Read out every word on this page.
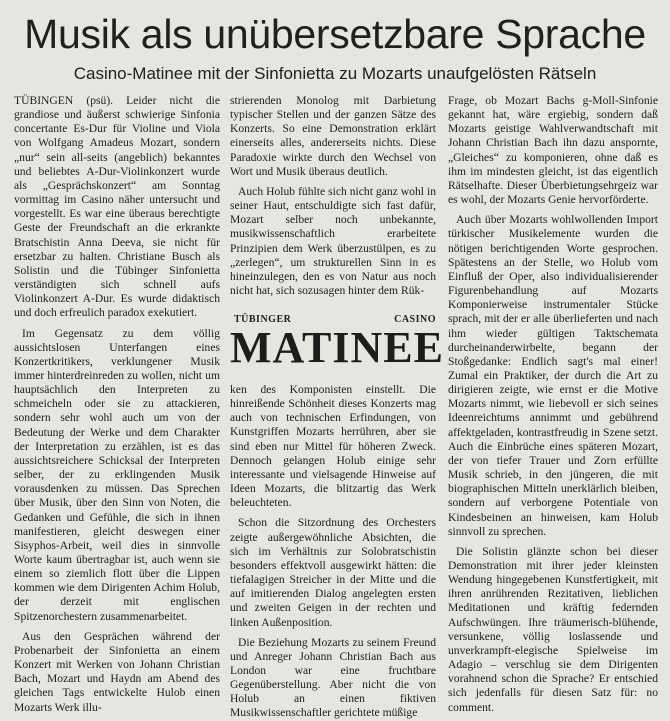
Musik als unübersetzbare Sprache
Casino-Matinee mit der Sinfonietta zu Mozarts unaufgelösten Rätseln

TÜBINGEN (psü). Leider nicht die grandiose und äußerst schwierige Sinfonia concertante Es-Dur für Violine und Viola von Wolfgang Amadeus Mozart, sondern „nur“ sein all-seits (angeblich) bekanntes und beliebtes A-Dur-Violinkonzert wurde als „Gesprächskonzert“ am Sonntag vormittag im Casino näher untersucht und vorgestellt. Es war eine überaus berechtigte Geste der Freundschaft an die erkrankte Bratschistin Anna Deeva, sie nicht für ersetzbar zu halten. Christiane Busch als Solistin und die Tübinger Sinfonietta verständigten sich schnell aufs Violinkonzert A-Dur. Es wurde didaktisch und doch erfreulich paradox exekutiert.

Im Gegensatz zu dem völlig aussichtslosen Unterfangen eines Konzertkritikers, verklungener Musik immer hinterdreinreden zu wollen, nicht um hauptsächlich den Interpreten zu schmeicheln oder sie zu attackieren, sondern sehr wohl auch um von der Bedeutung der Werke und dem Charakter der Interpretation zu erzählen, ist es das aussichtsreichere Schicksal der Interpreten selber, der zu erklingenden Musik vorausdenken zu müssen. Das Sprechen über Musik, über den Sinn von Noten, die Gedanken und Gefühle, die sich in ihnen manifestieren, gleicht deswegen einer Sisyphos-Arbeit, weil dies in sinnvolle Worte kaum übertragbar ist, auch wenn sie einem so ziemlich flott über die Lippen kommen wie dem Dirigenten Achim Holub, der derzeit mit englischen Spitzenorchestern zusammenarbeitet.

Aus den Gesprächen während der Probenarbeit der Sinfonietta an einem Konzert mit Werken von Johann Christian Bach, Mozart und Haydn am Abend des gleichen Tags entwickelte Hulob einen Mozarts Werk illu-

strierenden Monolog mit Darbietung typischer Stellen und der ganzen Sätze des Konzerts. So eine Demonstration erklärt einerseits alles, andererseits nichts. Diese Paradoxie wirkte durch den Wechsel von Wort und Musik überaus deutlich.

Auch Holub fühlte sich nicht ganz wohl in seiner Haut, entschuldigte sich fast dafür, Mozart selber noch unbekannte, musikwissenschaftlich erarbeitete Prinzipien dem Werk überzustülpen, es zu „zerlegen“, um strukturellen Sinn in es hineinzulegen, den es von Natur aus noch nicht hat, sich sozusagen hinter dem Rük-

TÜBINGER	CASINO
MATINEE

ken des Komponisten einstellt. Die hinreißende Schönheit dieses Konzerts mag auch von technischen Erfindungen, von Kunstgriffen Mozarts herrühren, aber sie sind eben nur Mittel für höheren Zweck. Dennoch gelangen Holub einige sehr interessante und vielsagende Hinweise auf Ideen Mozarts, die blitzartig das Werk beleuchteten.

Schon die Sitzordnung des Orchesters zeigte außergewöhnliche Absichten, die sich im Verhältnis zur Solobratschistin besonders effektvoll ausgewirkt hätten: die tiefalagigen Streicher in der Mitte und die auf imitierenden Dialog angelegten ersten und zweiten Geigen in der rechten und linken Außenposition.

Die Beziehung Mozarts zu seinem Freund und Anreger Johann Christian Bach aus London war eine fruchtbare Gegenüberstellung. Aber nicht die von Holub an einen fiktiven Musikwissenschaftler gerichtete müßige

Frage, ob Mozart Bachs g-Moll-Sinfonie gekannt hat, wäre ergiebig, sondern daß Mozarts geistige Wahlverwandtschaft mit Johann Christian Bach ihn dazu anspornte, „Gleiches“ zu komponieren, ohne daß es ihm im mindesten gleicht, ist das eigentlich Rätselhafte. Dieser Überbietungsehrgeiz war es wohl, der Mozarts Genie hervorförderte.

Auch über Mozarts wohlwollenden Import türkischer Musikelemente wurden die nötigen berichtigenden Worte gesprochen. Spätestens an der Stelle, wo Holub vom Einfluß der Oper, also individualisierender Figurenbehandlung auf Mozarts Komponierweise instrumentaler Stücke sprach, mit der er alle überlieferten und nach ihm wieder gültigen Taktschemata durcheinanderwirbelte, begann der Stoßgedanke: Endlich sagt's mal einer! Zumal ein Praktiker, der durch die Art zu dirigieren zeigte, wie ernst er die Motive Mozarts nimmt, wie liebevoll er sich seines Ideenreichtums annimmt und gebührend affektgeladen, kontrastfreudig in Szene setzt. Auch die Einbrüche eines späteren Mozart, der von tiefer Trauer und Zorn erfüllte Musik schrieb, in den jüngeren, die mit biographischen Mitteln unerklärlich bleiben, sondern auf verborgene Potentiale von Kindesbeinen an hinweisen, kam Holub sinnvoll zu sprechen.

Die Solistin glänzte schon bei dieser Demonstration mit ihrer jeder kleinsten Wendung hingegebenen Kunstfertigkeit, mit ihren anrührenden Rezitativen, lieblichen Meditationen und kräftig federnden Aufschwüngen. Ihre träumerisch-blühende, versunkene, völlig loslassende und unverkrampft-elegische Spielweise im Adagio – verschlug sie dem Dirigenten vorahnend schon die Sprache? Er entschied sich jedenfalls für diesen Satz für: no comment.
